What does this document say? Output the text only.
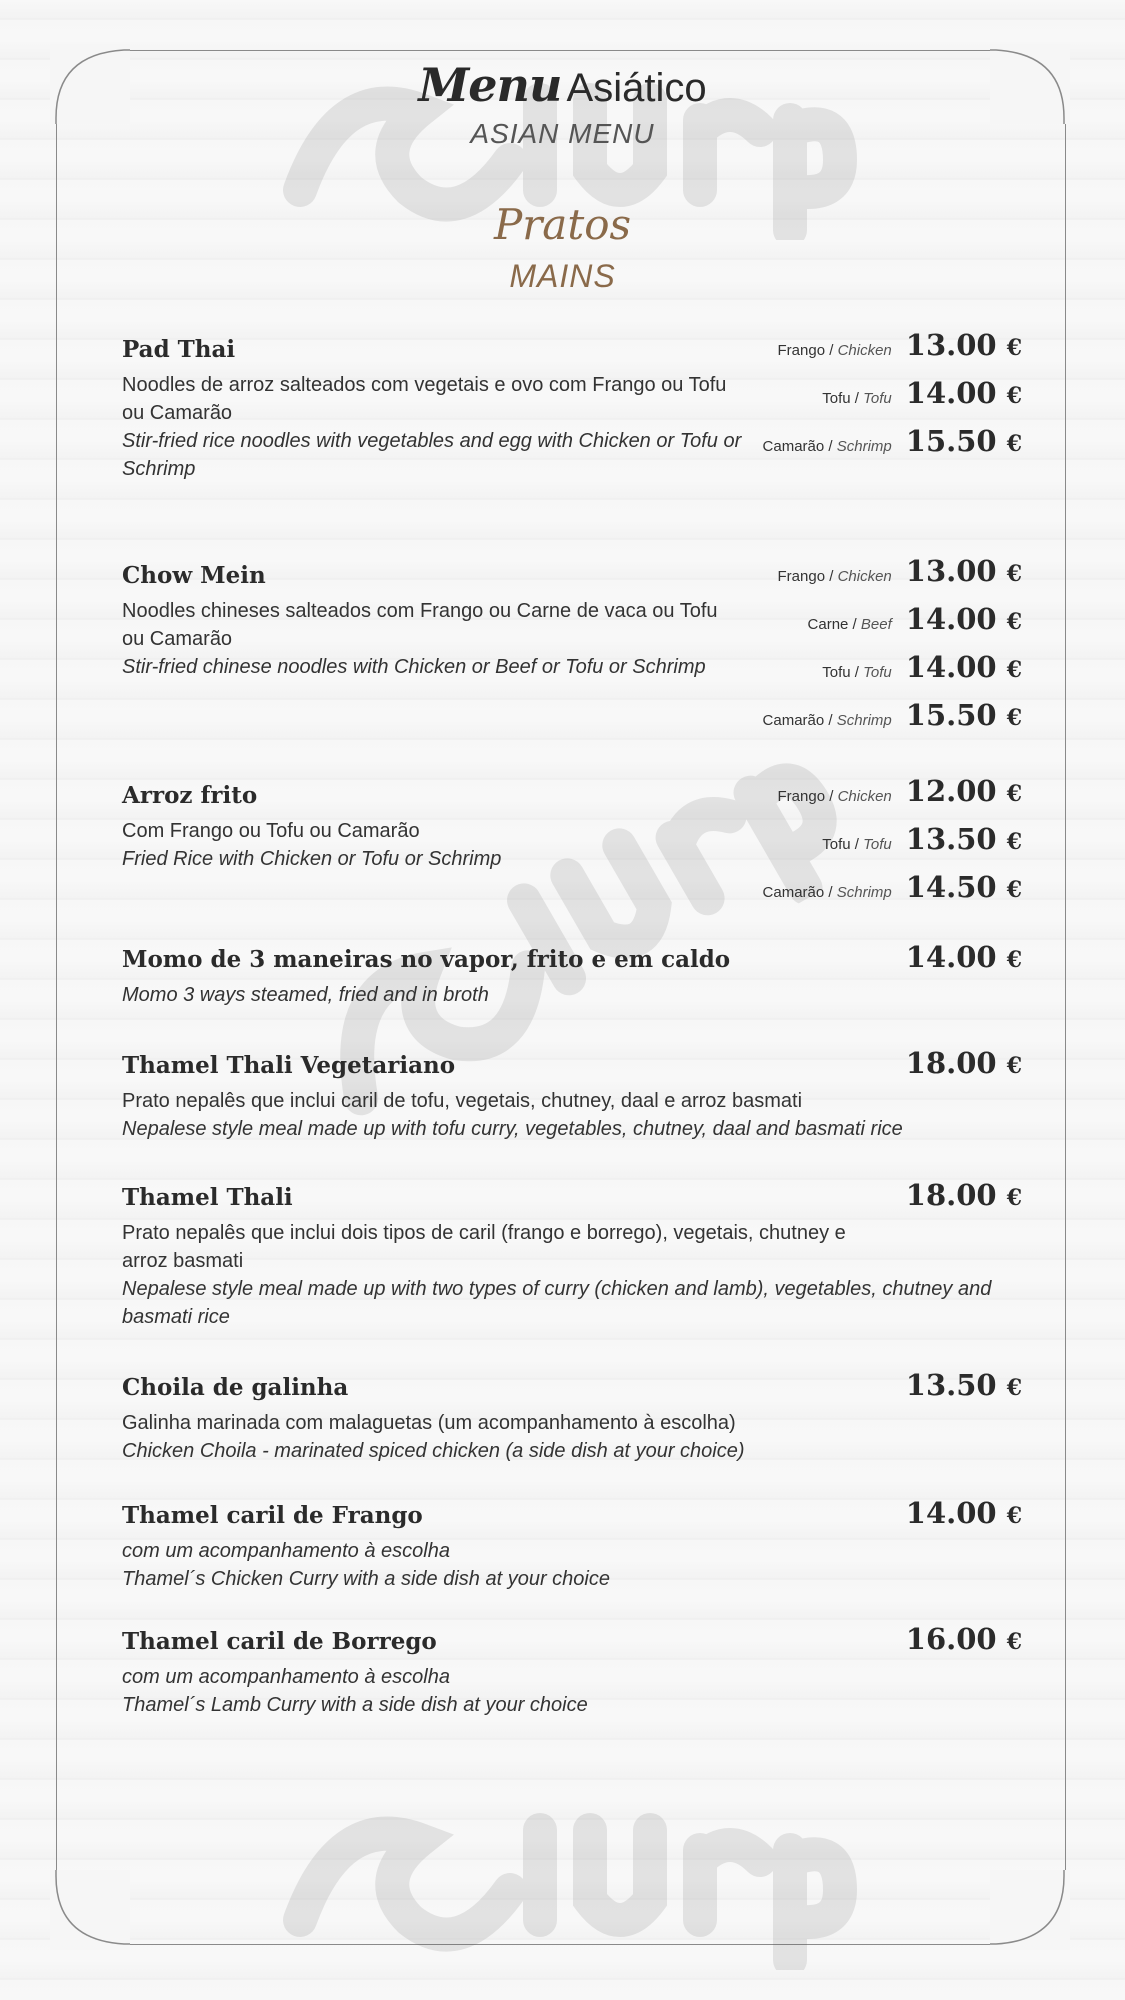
Menu Asiático
ASIAN MENU
Pratos
MAINS
Pad Thai
Noodles de arroz salteados com vegetais e ovo com Frango ou Tofu ou Camarão
Stir-fried rice noodles with vegetables and egg with Chicken or Tofu or Schrimp
Frango / Chicken 13.00 €
Tofu / Tofu 14.00 €
Camarão / Schrimp 15.50 €
Chow Mein
Noodles chineses salteados com Frango ou Carne de vaca ou Tofu ou Camarão
Stir-fried chinese noodles with Chicken or Beef or Tofu or Schrimp
Frango / Chicken 13.00 €
Carne / Beef 14.00 €
Tofu / Tofu 14.00 €
Camarão / Schrimp 15.50 €
Arroz frito
Com Frango ou Tofu ou Camarão
Fried Rice with Chicken or Tofu or Schrimp
Frango / Chicken 12.00 €
Tofu / Tofu 13.50 €
Camarão / Schrimp 14.50 €
Momo de 3 maneiras no vapor, frito e em caldo
Momo 3 ways steamed, fried and in broth
14.00 €
Thamel Thali Vegetariano
Prato nepalês que inclui caril de tofu, vegetais, chutney, daal e arroz basmati
Nepalese style meal made up with tofu curry, vegetables, chutney, daal and basmati rice
18.00 €
Thamel Thali
Prato nepalês que inclui dois tipos de caril (frango e borrego), vegetais, chutney e arroz basmati
Nepalese style meal made up with two types of curry (chicken and lamb), vegetables, chutney and basmati rice
18.00 €
Choila de galinha
Galinha marinada com malaguetas (um acompanhamento à escolha)
Chicken Choila - marinated spiced chicken (a side dish at your choice)
13.50 €
Thamel caril de Frango
com um acompanhamento à escolha
Thamel´s Chicken Curry with a side dish at your choice
14.00 €
Thamel caril de Borrego
com um acompanhamento à escolha
Thamel´s Lamb Curry with a side dish at your choice
16.00 €
